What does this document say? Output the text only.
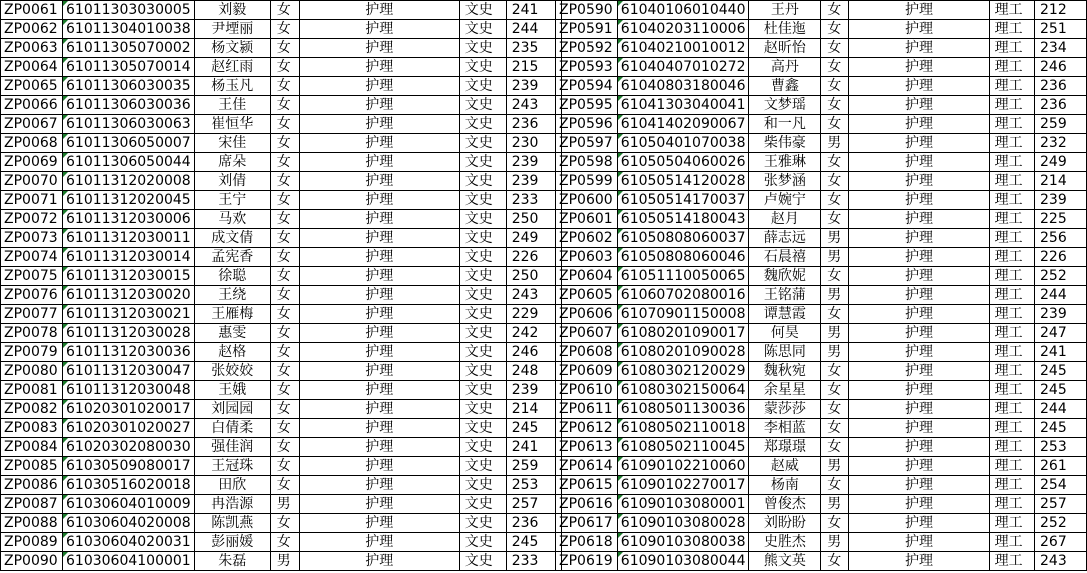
ZP0061	61011303030005	刘毅	女	护理	文史	241
ZP0062	61011304010038	尹堙丽	女	护理	文史	244
ZP0063	61011305070002	杨文颍	女	护理	文史	235
ZP0064	61011305070014	赵红雨	女	护理	文史	215
ZP0065	61011306030035	杨玉凡	女	护理	文史	239
ZP0066	61011306030036	王佳	女	护理	文史	243
ZP0067	61011306030063	崔恒华	女	护理	文史	236
ZP0068	61011306050007	宋佳	女	护理	文史	230
ZP0069	61011306050044	席朵	女	护理	文史	239
ZP0070	61011312020008	刘倩	女	护理	文史	239
ZP0071	61011312020045	王宁	女	护理	文史	233
ZP0072	61011312030006	马欢	女	护理	文史	250
ZP0073	61011312030011	成文倩	女	护理	文史	249
ZP0074	61011312030014	孟宪香	女	护理	文史	226
ZP0075	61011312030015	徐聪	女	护理	文史	250
ZP0076	61011312030020	王绕	女	护理	文史	243
ZP0077	61011312030021	王雁梅	女	护理	文史	229
ZP0078	61011312030028	惠雯	女	护理	文史	242
ZP0079	61011312030036	赵格	女	护理	文史	246
ZP0080	61011312030047	张姣姣	女	护理	文史	248
ZP0081	61011312030048	王娥	女	护理	文史	239
ZP0082	61020301020017	刘园园	女	护理	文史	214
ZP0083	61020301020027	白倩柔	女	护理	文史	245
ZP0084	61020302080030	强佳润	女	护理	文史	241
ZP0085	61030509080017	王冠珠	女	护理	文史	259
ZP0086	61030516020018	田欣	女	护理	文史	253
ZP0087	61030604010009	冉浩源	男	护理	文史	257
ZP0088	61030604020008	陈凯燕	女	护理	文史	236
ZP0089	61030604020031	彭丽媛	女	护理	文史	245
ZP0090	61030604100001	朱磊	男	护理	文史	233
ZP0590	61040106010440	王丹	女	护理	理工	212
ZP0591	61040203110006	杜佳迤	女	护理	理工	251
ZP0592	61040210010012	赵昕怡	女	护理	理工	234
ZP0593	61040407010272	高丹	女	护理	理工	246
ZP0594	61040803180046	曹鑫	女	护理	理工	236
ZP0595	61041303040041	文梦瑶	女	护理	理工	236
ZP0596	61041402090067	和一凡	女	护理	理工	259
ZP0597	61050401070038	柴伟豪	男	护理	理工	232
ZP0598	61050504060026	王雅琳	女	护理	理工	249
ZP0599	61050514120028	张梦涵	女	护理	理工	214
ZP0600	61050514170037	卢婉宁	女	护理	理工	239
ZP0601	61050514180043	赵月	女	护理	理工	225
ZP0602	61050808060037	薛志远	男	护理	理工	256
ZP0603	61050808060046	石晨禧	男	护理	理工	226
ZP0604	61051110050065	魏欣妮	女	护理	理工	252
ZP0605	61060702080016	王铭蒲	男	护理	理工	244
ZP0606	61070901150008	谭慧霞	女	护理	理工	239
ZP0607	61080201090017	何昊	男	护理	理工	247
ZP0608	61080201090028	陈思同	男	护理	理工	241
ZP0609	61080302120029	魏秋宛	女	护理	理工	245
ZP0610	61080302150064	余星星	女	护理	理工	245
ZP0611	61080501130036	蒙莎莎	女	护理	理工	244
ZP0612	61080502110018	李相蓝	女	护理	理工	245
ZP0613	61080502110045	郑璟璟	女	护理	理工	253
ZP0614	61090102210060	赵威	男	护理	理工	261
ZP0615	61090102270017	杨南	女	护理	理工	254
ZP0616	61090103080001	曾俊杰	男	护理	理工	257
ZP0617	61090103080028	刘盼盼	女	护理	理工	252
ZP0618	61090103080038	史胜杰	男	护理	理工	267
ZP0619	61090103080044	熊文英	女	护理	理工	243
